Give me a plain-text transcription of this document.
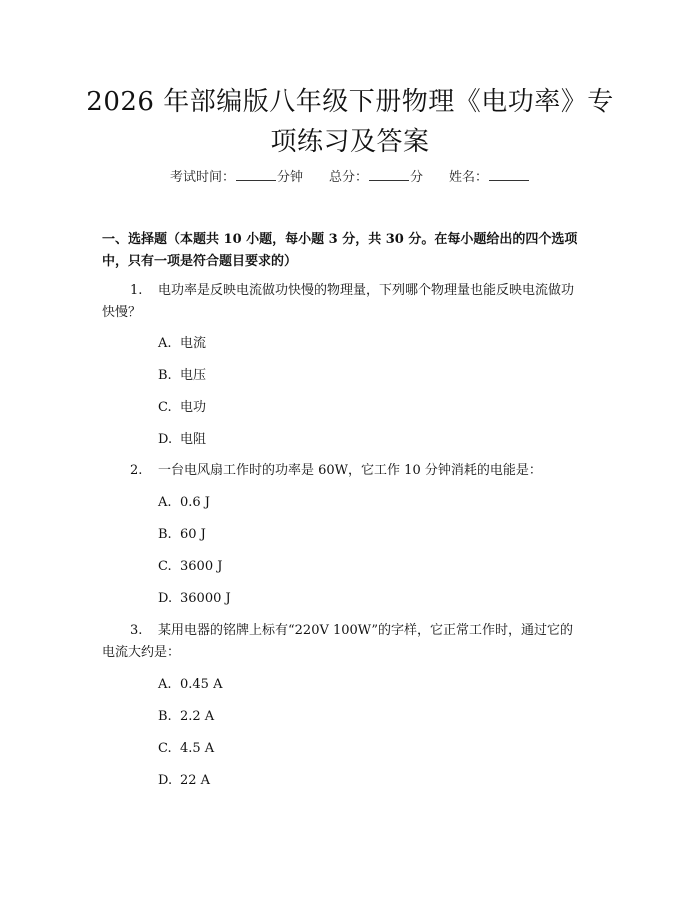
2026 年部编版八年级下册物理《电功率》专
项练习及答案
考试时间：	分钟 总分：	分 姓名：
一、选择题（本题共 10 小题，每小题 3 分，共 30 分。在每小题给出的四个选项
中，只有一项是符合题目要求的）
1. 电功率是反映电流做功快慢的物理量，下列哪个物理量也能反映电流做功
快慢？
A. 电流
B. 电压
C. 电功
D. 电阻
2. 一台电风扇工作时的功率是 60W，它工作 10 分钟消耗的电能是：
A. 0.6 J
B. 60 J
C. 3600 J
D. 36000 J
3. 某用电器的铭牌上标有“220V 100W”的字样，它正常工作时，通过它的
电流大约是：
A. 0.45 A
B. 2.2 A
C. 4.5 A
D. 22 A
